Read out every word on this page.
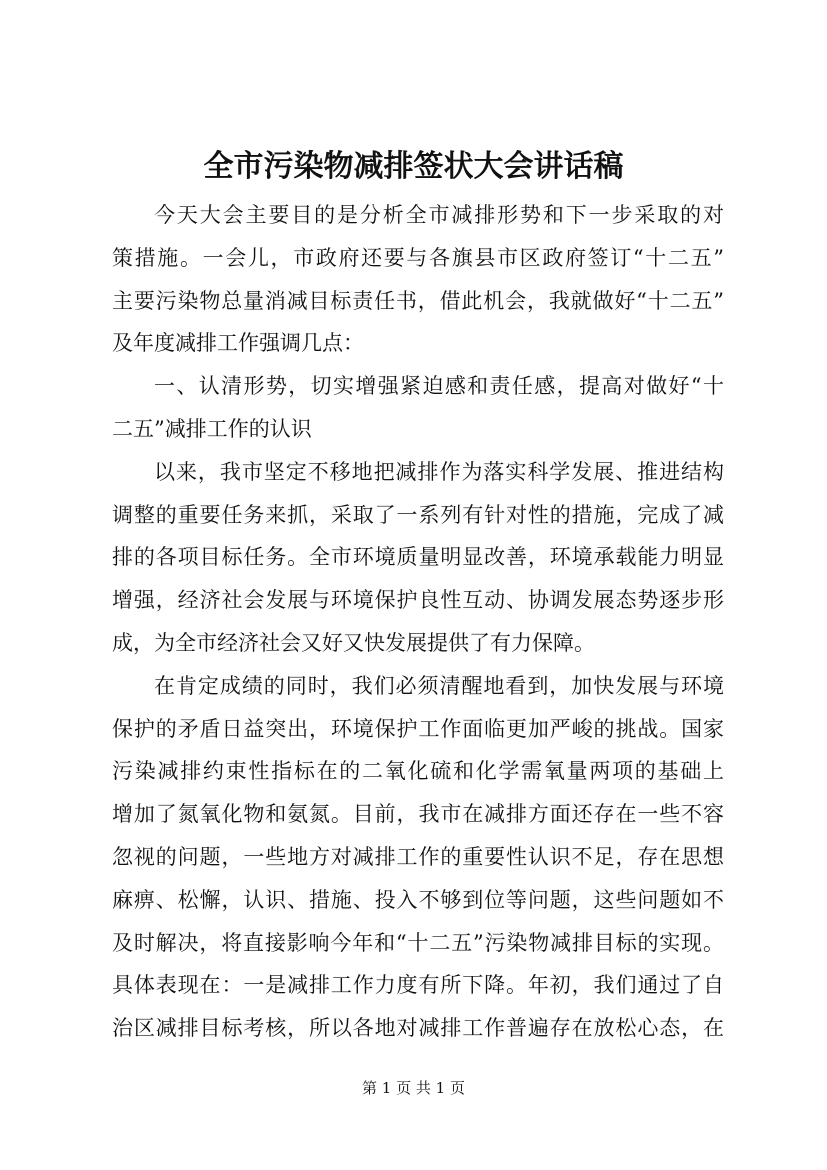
全市污染物减排签状大会讲话稿
今天大会主要目的是分析全市减排形势和下一步采取的对
策措施。一会儿，市政府还要与各旗县市区政府签订“十二五”
主要污染物总量消减目标责任书，借此机会，我就做好“十二五”
及年度减排工作强调几点：
一、认清形势，切实增强紧迫感和责任感，提高对做好“十
二五”减排工作的认识
以来，我市坚定不移地把减排作为落实科学发展、推进结构
调整的重要任务来抓，采取了一系列有针对性的措施，完成了减
排的各项目标任务。全市环境质量明显改善，环境承载能力明显
增强，经济社会发展与环境保护良性互动、协调发展态势逐步形
成，为全市经济社会又好又快发展提供了有力保障。
在肯定成绩的同时，我们必须清醒地看到，加快发展与环境
保护的矛盾日益突出，环境保护工作面临更加严峻的挑战。国家
污染减排约束性指标在的二氧化硫和化学需氧量两项的基础上
增加了氮氧化物和氨氮。目前，我市在减排方面还存在一些不容
忽视的问题，一些地方对减排工作的重要性认识不足，存在思想
麻痹、松懈，认识、措施、投入不够到位等问题，这些问题如不
及时解决，将直接影响今年和“十二五”污染物减排目标的实现。
具体表现在：一是减排工作力度有所下降。年初，我们通过了自
治区减排目标考核，所以各地对减排工作普遍存在放松心态，在
第 1 页 共 1 页
